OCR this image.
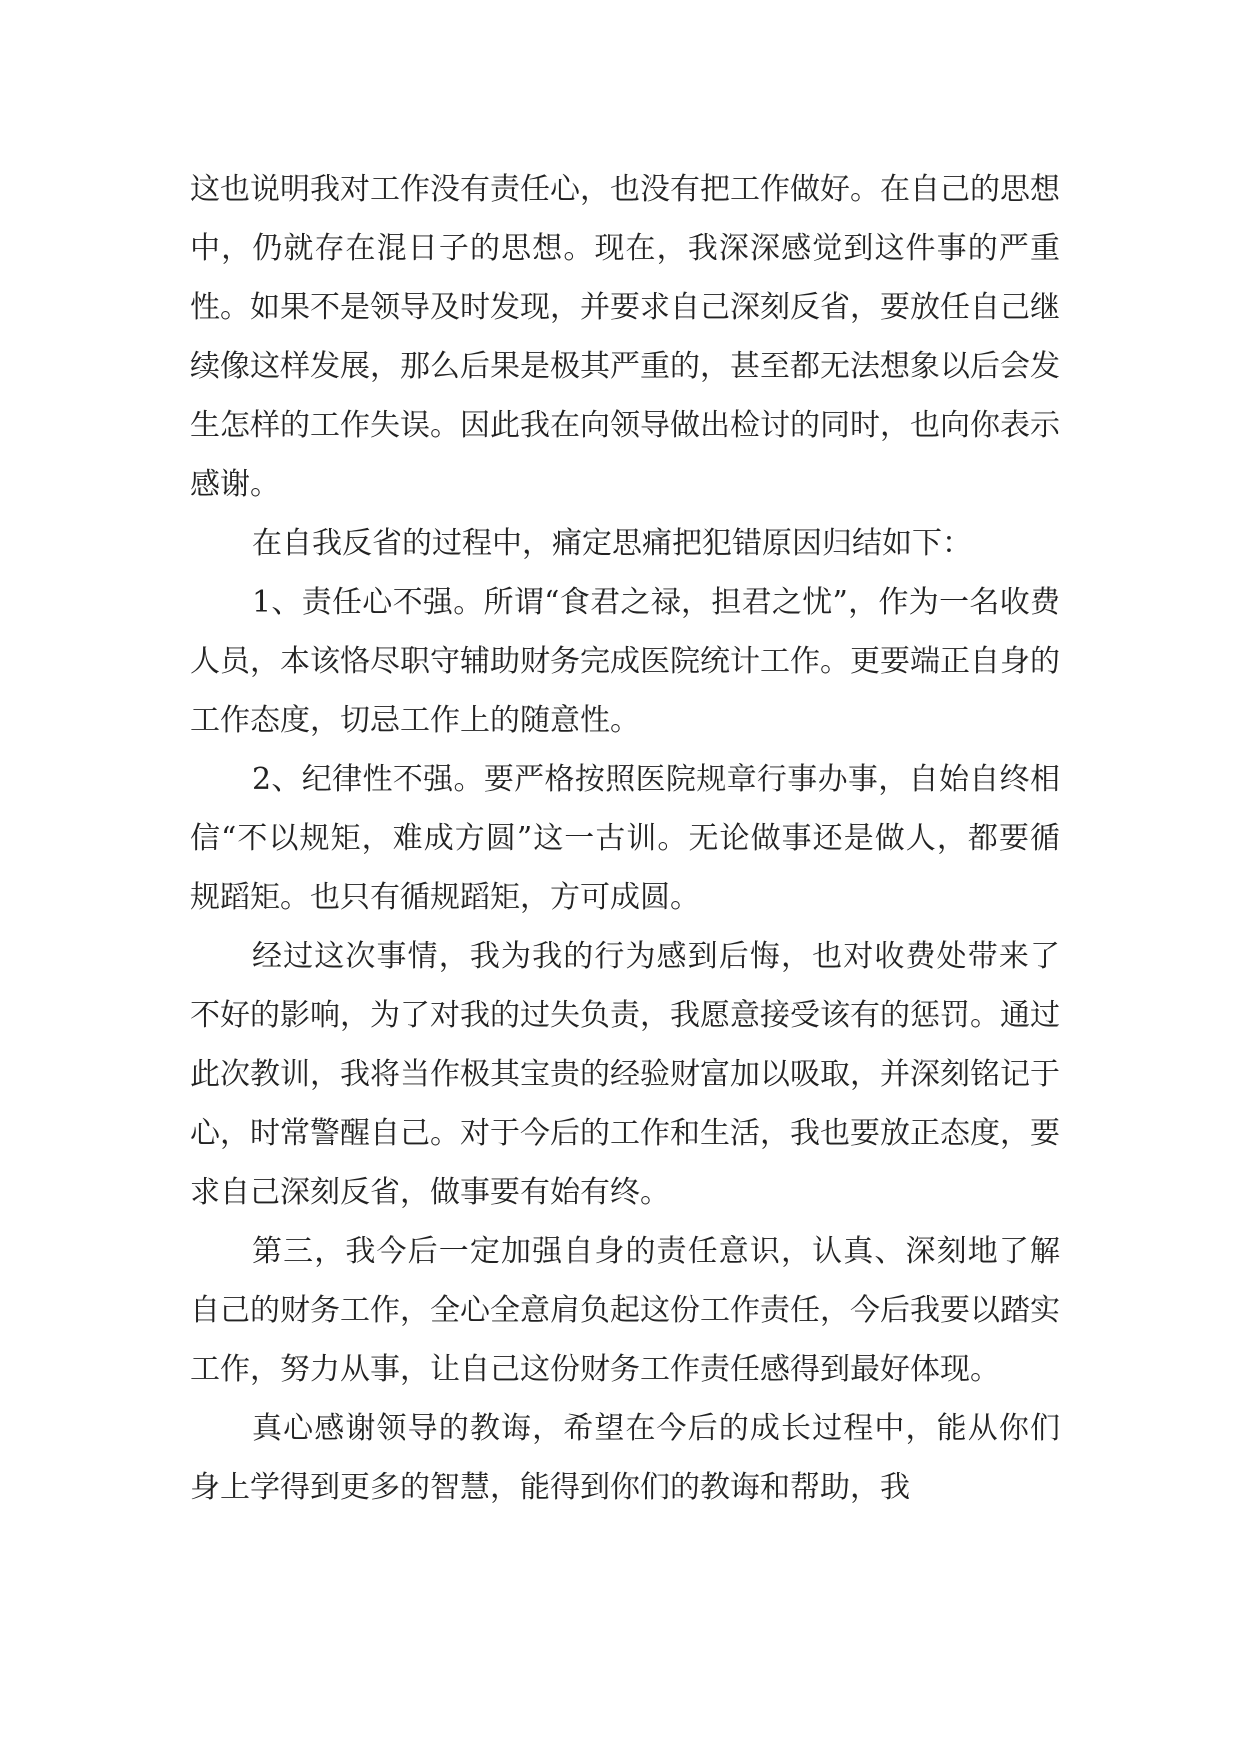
这也说明我对工作没有责任心，也没有把工作做好。在自己的思想中，仍就存在混日子的思想。现在，我深深感觉到这件事的严重性。如果不是领导及时发现，并要求自己深刻反省，要放任自己继续像这样发展，那么后果是极其严重的，甚至都无法想象以后会发生怎样的工作失误。因此我在向领导做出检讨的同时，也向你表示感谢。

在自我反省的过程中，痛定思痛把犯错原因归结如下：

1、责任心不强。所谓“食君之禄，担君之忧”，作为一名收费人员，本该恪尽职守辅助财务完成医院统计工作。更要端正自身的工作态度，切忌工作上的随意性。

2、纪律性不强。要严格按照医院规章行事办事，自始自终相信“不以规矩，难成方圆”这一古训。无论做事还是做人，都要循规蹈矩。也只有循规蹈矩，方可成圆。

经过这次事情，我为我的行为感到后悔，也对收费处带来了不好的影响，为了对我的过失负责，我愿意接受该有的惩罚。通过此次教训，我将当作极其宝贵的经验财富加以吸取，并深刻铭记于心，时常警醒自己。对于今后的工作和生活，我也要放正态度，要求自己深刻反省，做事要有始有终。

第三，我今后一定加强自身的责任意识，认真、深刻地了解自己的财务工作，全心全意肩负起这份工作责任，今后我要以踏实工作，努力从事，让自己这份财务工作责任感得到最好体现。

真心感谢领导的教诲，希望在今后的成长过程中，能从你们身上学得到更多的智慧，能得到你们的教诲和帮助，我
